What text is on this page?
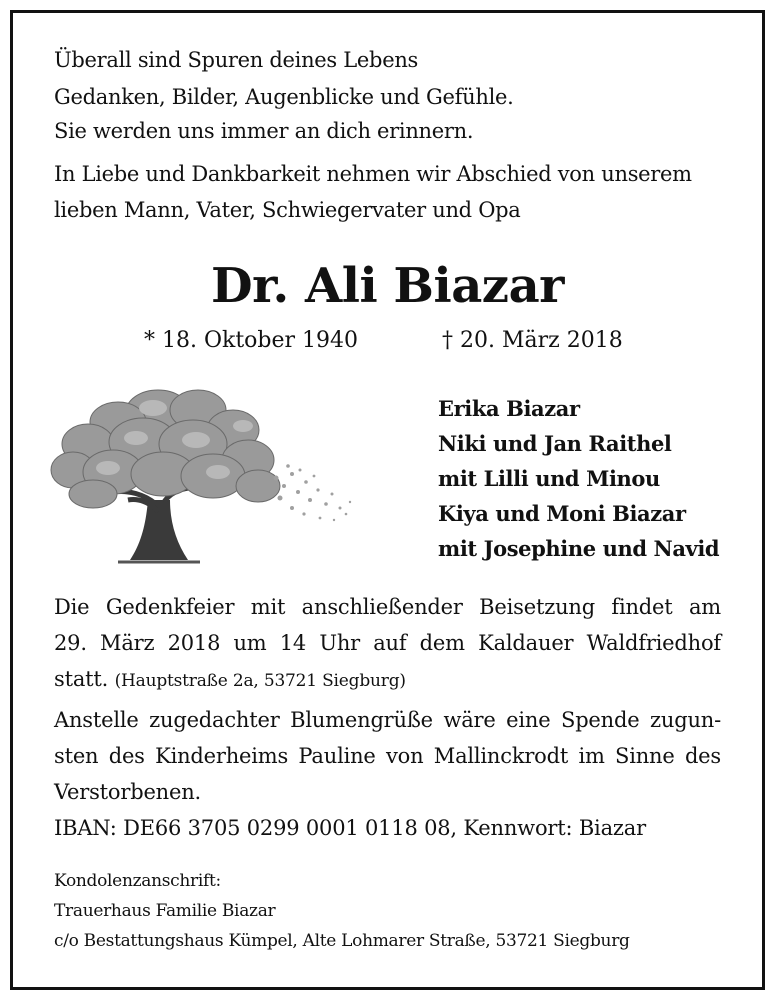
Überall sind Spuren deines Lebens
Gedanken, Bilder, Augenblicke und Gefühle.
Sie werden uns immer an dich erinnern.
In Liebe und Dankbarkeit nehmen wir Abschied von unserem
lieben Mann, Vater, Schwiegervater und Opa
Dr. Ali Biazar
* 18. Oktober 1940	† 20. März 2018
Erika Biazar
Niki und Jan Raithel
mit Lilli und Minou
Kiya und Moni Biazar
mit Josephine und Navid
Die Gedenkfeier mit anschließender Beisetzung findet am
29. März 2018 um 14 Uhr auf dem Kaldauer Waldfriedhof
statt. (Hauptstraße 2a, 53721 Siegburg)
Anstelle zugedachter Blumengrüße wäre eine Spende zugun-
sten des Kinderheims Pauline von Mallinckrodt im Sinne des
Verstorbenen.
IBAN: DE66 3705 0299 0001 0118 08, Kennwort: Biazar
Kondolenzanschrift:
Trauerhaus Familie Biazar
c/o Bestattungshaus Kümpel, Alte Lohmarer Straße, 53721 Siegburg
